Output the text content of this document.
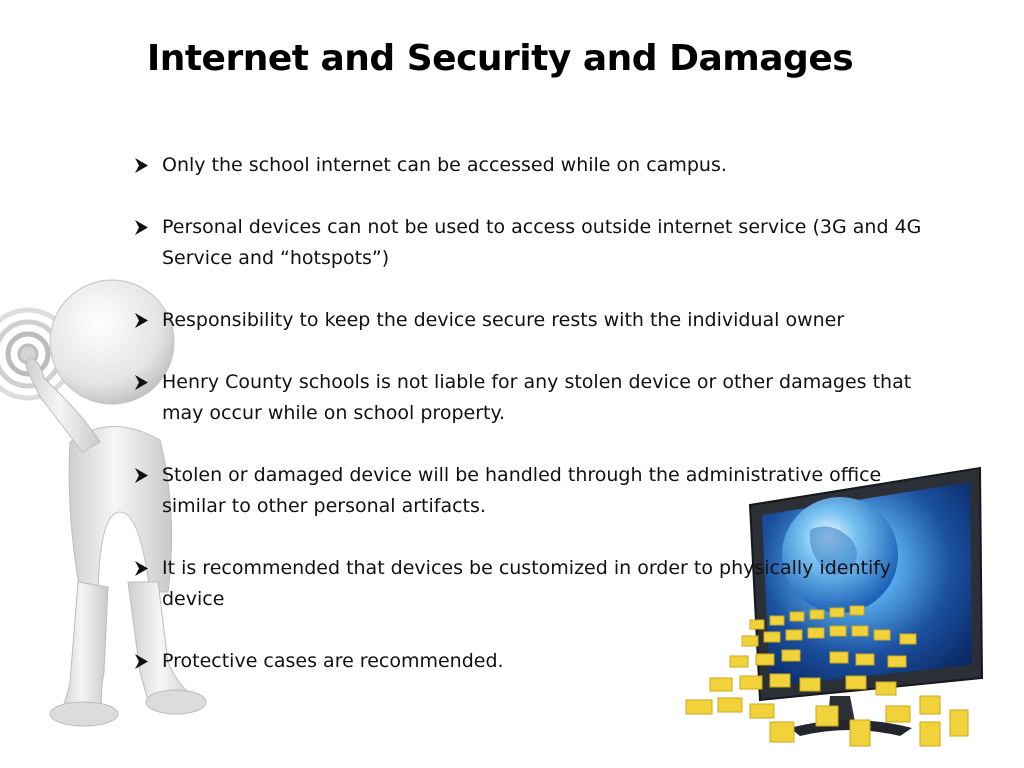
Internet and Security and Damages
Only the school internet can be accessed while on campus.
Personal devices can not be used to access outside internet service (3G and 4G Service and “hotspots”)
Responsibility to keep the device secure rests with the individual owner
Henry County schools is not liable for any stolen device or other damages that may occur while on school property.
Stolen or damaged device will be handled through the administrative office similar to other personal artifacts.
It is recommended that devices be customized in order to physically identify device
Protective cases are recommended.
